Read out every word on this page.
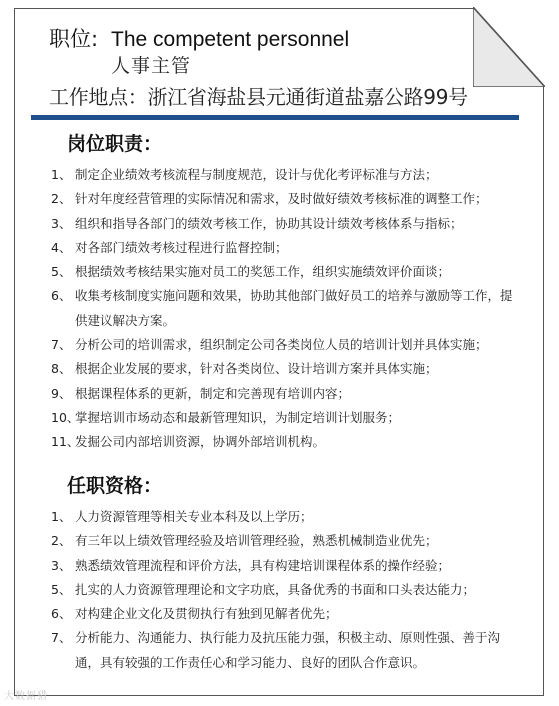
职位: The competent personnel
人事主管
工作地点：浙江省海盐县元通街道盐嘉公路99号
岗位职责：
1、 制定企业绩效考核流程与制度规范，设计与优化考评标准与方法；
2、 针对年度经营管理的实际情况和需求，及时做好绩效考核标准的调整工作；
3、 组织和指导各部门的绩效考核工作，协助其设计绩效考核体系与指标；
4、 对各部门绩效考核过程进行监督控制；
5、 根据绩效考核结果实施对员工的奖惩工作，组织实施绩效评价面谈；
6、 收集考核制度实施问题和效果，协助其他部门做好员工的培养与激励等工作，提供建议解决方案。
7、 分析公司的培训需求，组织制定公司各类岗位人员的培训计划并具体实施；
8、 根据企业发展的要求，针对各类岗位、设计培训方案并具体实施；
9、 根据课程体系的更新，制定和完善现有培训内容；
10、
掌握培训市场动态和最新管理知识，为制定培训计划服务；
11、
发掘公司内部培训资源，协调外部培训机构。
任职资格：
1、 人力资源管理等相关专业本科及以上学历；
2、 有三年以上绩效管理经验及培训管理经验，熟悉机械制造业优先；
3、 熟悉绩效管理流程和评价方法，具有构建培训课程体系的操作经验；
5、 扎实的人力资源管理理论和文字功底，具备优秀的书面和口头表达能力；
6、 对构建企业文化及贯彻执行有独到见解者优先；
7、 分析能力、沟通能力、执行能力及抗压能力强，积极主动、原则性强、善于沟通，具有较强的工作责任心和学习能力、良好的团队合作意识。
大数据猎
